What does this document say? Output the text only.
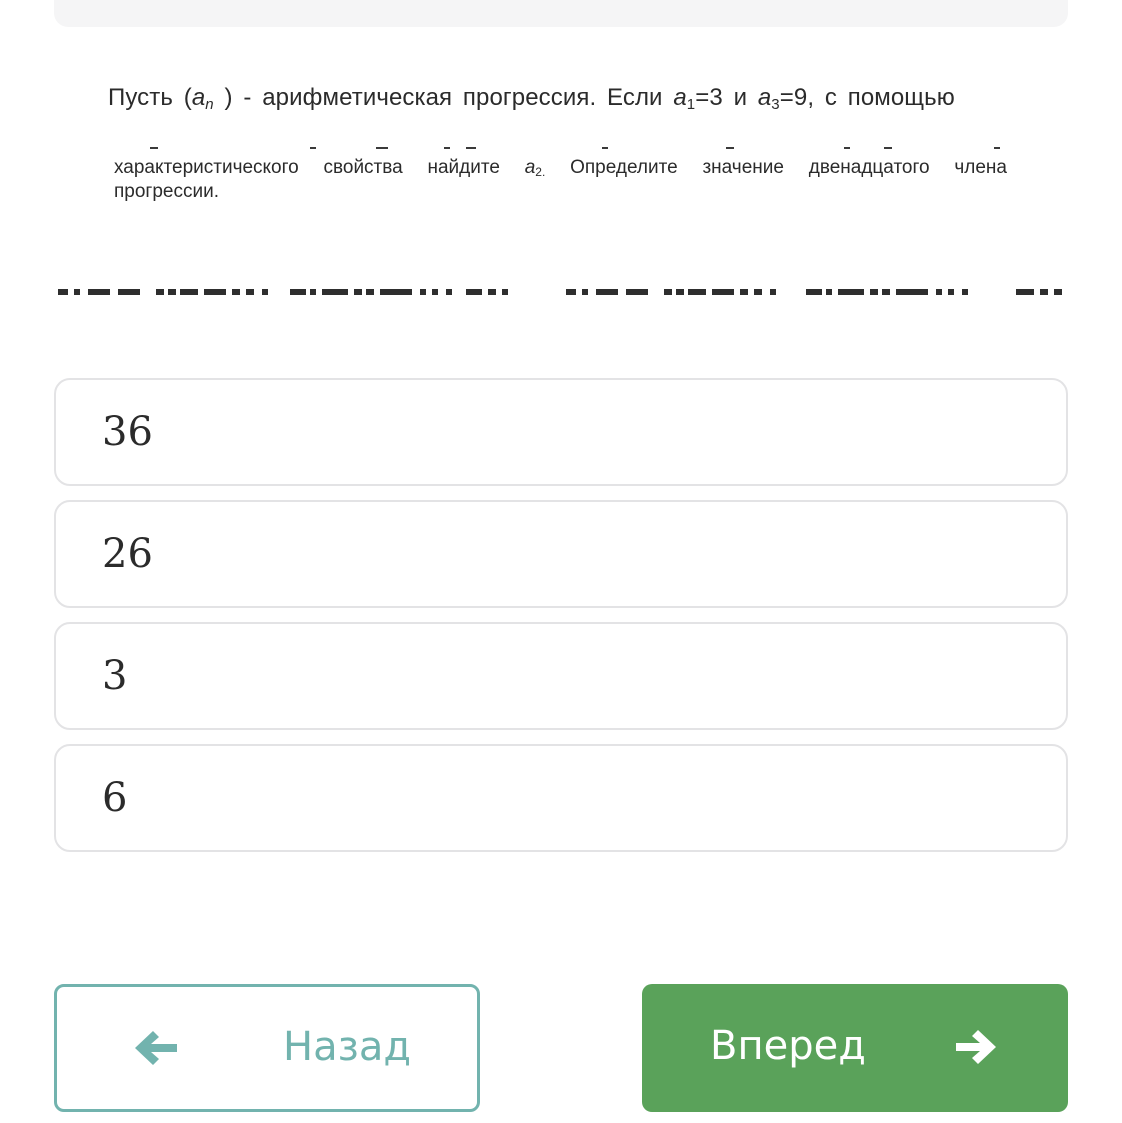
Пусть ($a_n$ ) - арифметическая прогрессия. Если $a_1=3$ и $a_3=9$, с помощью
характеристического свойства найдите $a_{2.}$ Определите значение двенадцатого члена
прогрессии.
36
26
3
6
Назад	Вперед
